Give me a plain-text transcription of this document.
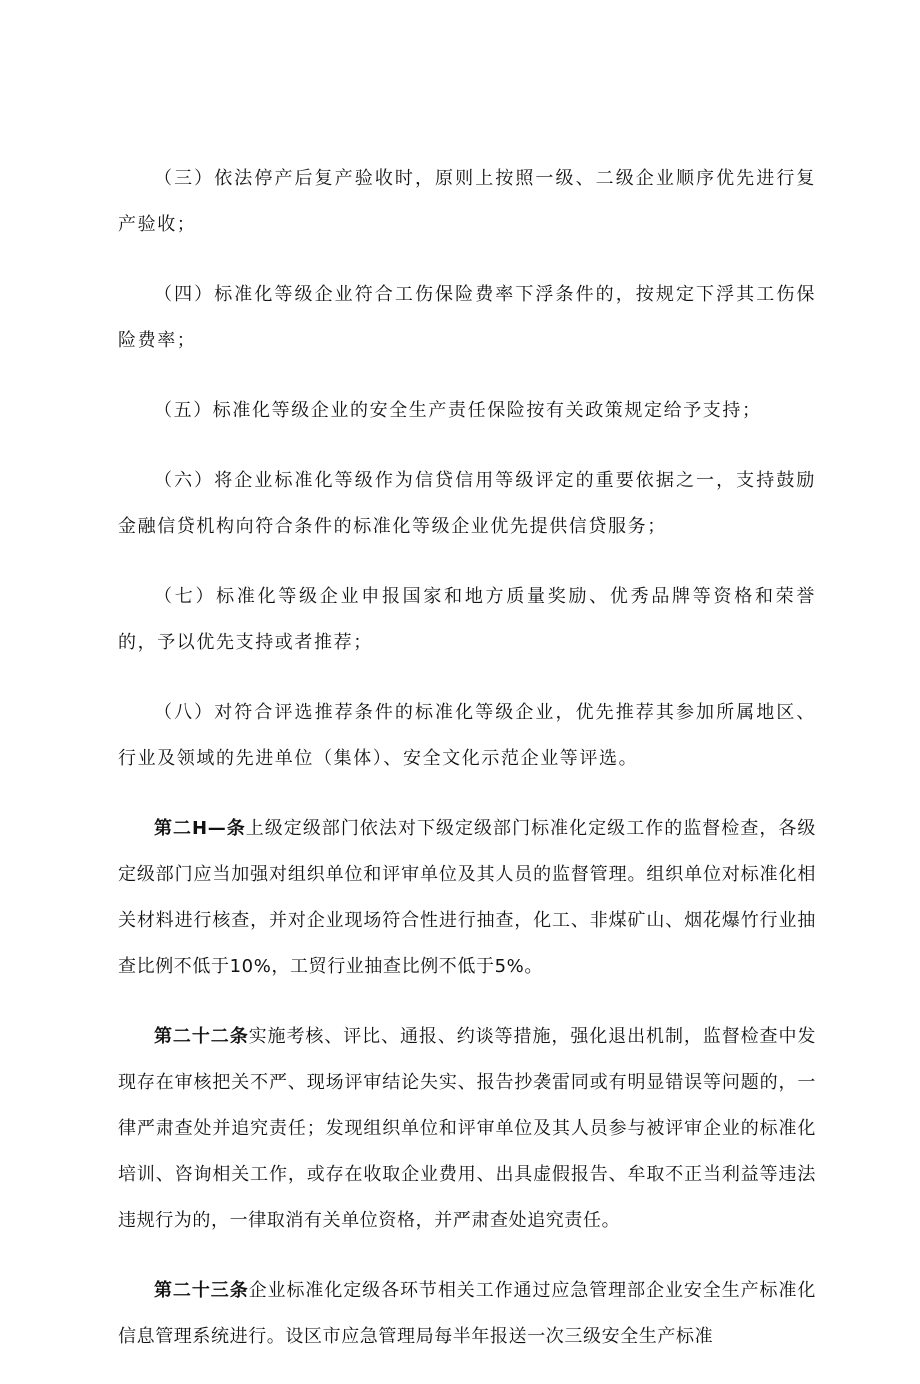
（三）依法停产后复产验收时，原则上按照一级、二级企业顺序优先进行复产验收；

（四）标准化等级企业符合工伤保险费率下浮条件的，按规定下浮其工伤保险费率；

（五）标准化等级企业的安全生产责任保险按有关政策规定给予支持；

（六）将企业标准化等级作为信贷信用等级评定的重要依据之一，支持鼓励金融信贷机构向符合条件的标准化等级企业优先提供信贷服务；

（七）标准化等级企业申报国家和地方质量奖励、优秀品牌等资格和荣誉的，予以优先支持或者推荐；

（八）对符合评选推荐条件的标准化等级企业，优先推荐其参加所属地区、行业及领域的先进单位（集体）、安全文化示范企业等评选。

第二H—条上级定级部门依法对下级定级部门标准化定级工作的监督检查，各级定级部门应当加强对组织单位和评审单位及其人员的监督管理。组织单位对标准化相关材料进行核查，并对企业现场符合性进行抽查，化工、非煤矿山、烟花爆竹行业抽查比例不低于10%，工贸行业抽查比例不低于5%。

第二十二条实施考核、评比、通报、约谈等措施，强化退出机制，监督检查中发现存在审核把关不严、现场评审结论失实、报告抄袭雷同或有明显错误等问题的，一律严肃查处并追究责任；发现组织单位和评审单位及其人员参与被评审企业的标准化培训、咨询相关工作，或存在收取企业费用、出具虚假报告、牟取不正当利益等违法违规行为的，一律取消有关单位资格，并严肃查处追究责任。

第二十三条企业标准化定级各环节相关工作通过应急管理部企业安全生产标准化信息管理系统进行。设区市应急管理局每半年报送一次三级安全生产标准
